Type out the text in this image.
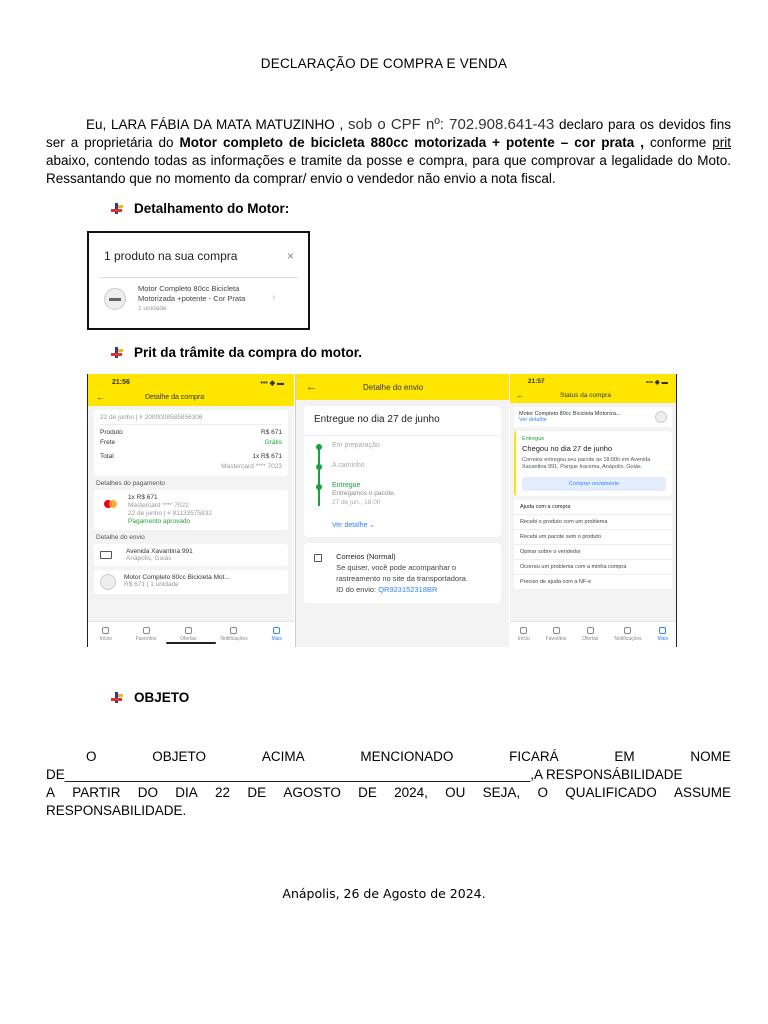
DECLARAÇÃO DE COMPRA E VENDA
Eu, LARA FÁBIA DA MATA MATUZINHO , sob o CPF nº: 702.908.641-43 declaro para os devidos fins ser a proprietária do Motor completo de bicicleta 880cc motorizada + potente – cor prata , conforme prit abaixo, contendo todas as informações e tramite da posse e compra, para que comprovar a legalidade do Moto. Ressantando que no momento da comprar/ envio o vendedor não envio a nota fiscal.
Detalhamento do Motor:
1 produto na sua compra	×
Motor Completo 80cc Bicicleta Motorizada +potente - Cor Prata
1 unidade
›
Prit da trâmite da compra do motor.
21:56	••• ◆ ▬
←	Detalhe da compra
22 de junho | # 2000008585856306
Produto	R$ 671
Frete	Grátis
Total	1x R$ 671
Mastercard **** 7023
Detalhes do pagamento
1x R$ 671
Mastercard **** 7022
22 de junho | # 81133575832
Pagamento aprovado
Detalhe do envio
Avenida Xavantina 991
Anápolis, Goiás
Motor Completo 80cc Bicicleta Mot...
R$ 671 | 1 unidade
Início	Favoritos	Ofertas	Notificações	Mais
←	Detalhe do envio
Entregue no dia 27 de junho
Em preparação
A caminho
Entregue
Entregamos o pacote.
27 de jun., 18:00
Ver detalhe ⌄
Correios (Normal)
Se quiser, você pode acompanhar o rastreamento no site da transportadora.
ID do envio: QR923152318BR
21:57	••• ◆ ▬
←	Status da compra
Motor Completo 80cc Bicicleta Motoriza...
Ver detalhe
Entregue
Chegou no dia 27 de junho
Correios entregou seu pacote às 18:00h em Avenida Xavantina 991, Parque Iracema, Anápolis, Goiás.
Comprar novamente
Ajuda com a compra
Recebi o produto com um problema
Recebi um pacote sem o produto
Opinar sobre o vendedor
Ocorreu um problema com a minha compra
Preciso de ajuda com a NF-e
Início	Favoritos	Ofertas	Notificações	Mais
OBJETO
O	OBJETO	ACIMA	MENCIONADO	FICARÁ	EM	NOME
DE______________________________________________________________,A RESPONSÁBILIDADE
A PARTIR DO DIA 22 DE AGOSTO DE 2024, OU SEJA, O QUALIFICADO ASSUME
RESPONSABILIDADE.
Anápolis, 26 de Agosto de 2024.
